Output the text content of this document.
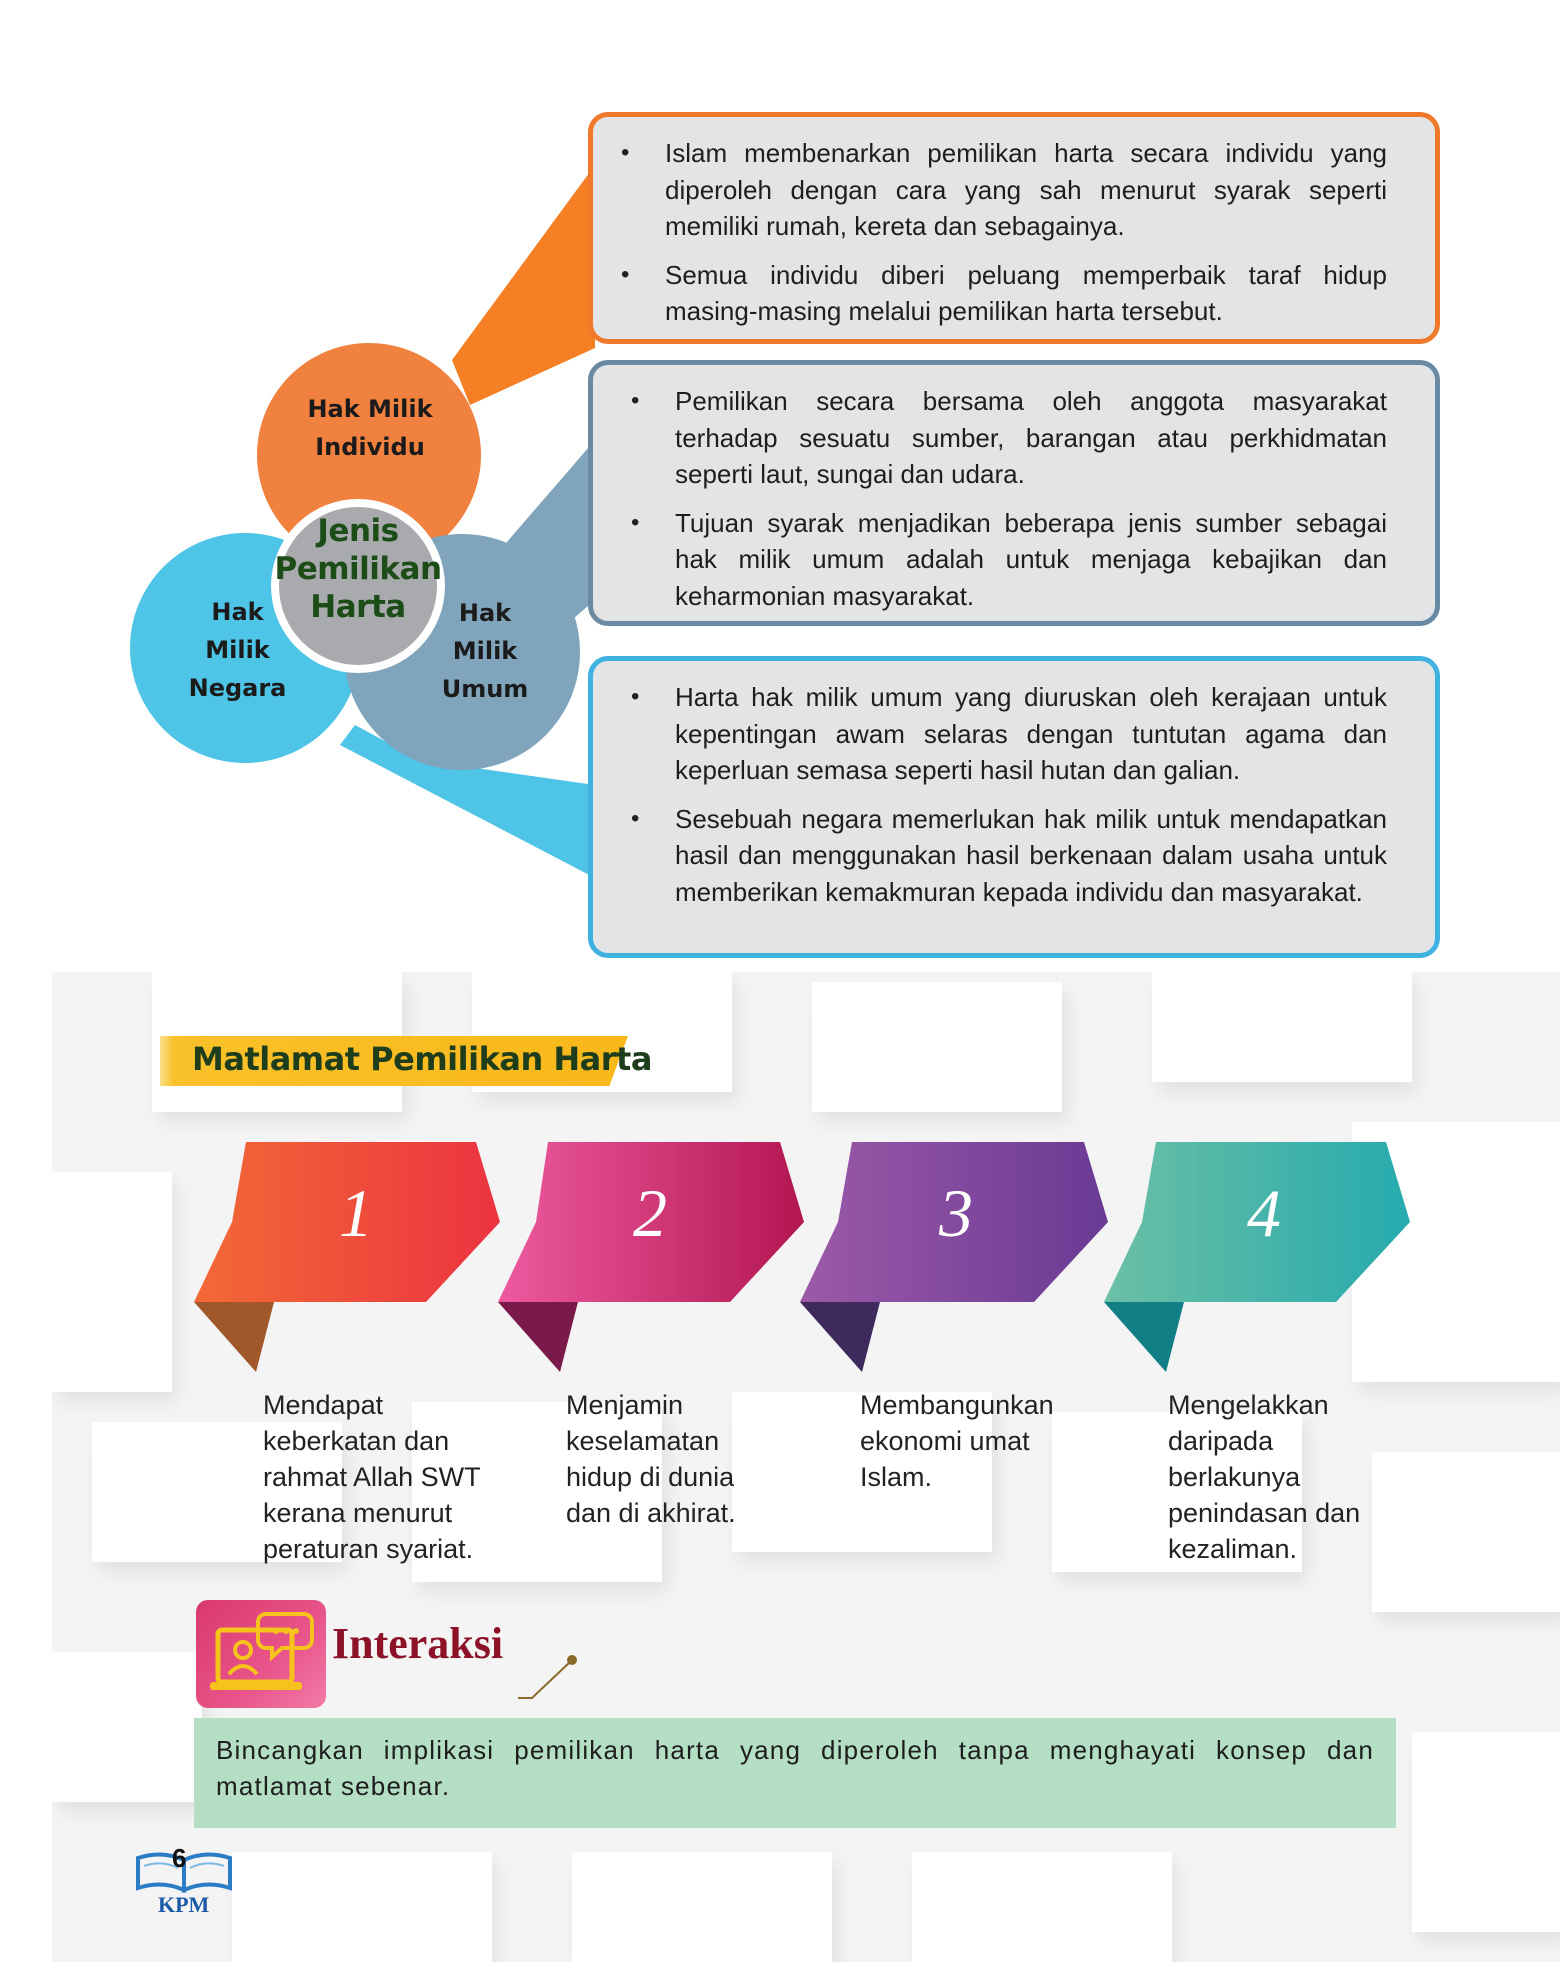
Hak Milik
Individu
Hak
Milik
Negara
Hak
Milik
Umum
Jenis
Pemilikan
Harta
• Islam membenarkan pemilikan harta secara individu yang diperoleh dengan cara yang sah menurut syarak seperti memiliki rumah, kereta dan sebagainya.
• Semua individu diberi peluang memperbaik taraf hidup masing-masing melalui pemilikan harta tersebut.
• Pemilikan secara bersama oleh anggota masyarakat terhadap sesuatu sumber, barangan atau perkhidmatan seperti laut, sungai dan udara.
• Tujuan syarak menjadikan beberapa jenis sumber sebagai hak milik umum adalah untuk menjaga kebajikan dan keharmonian masyarakat.
• Harta hak milik umum yang diuruskan oleh kerajaan untuk kepentingan awam selaras dengan tuntutan agama dan keperluan semasa seperti hasil hutan dan galian.
• Sesebuah negara memerlukan hak milik untuk mendapatkan hasil dan menggunakan hasil berkenaan dalam usaha untuk memberikan kemakmuran kepada individu dan masyarakat.
Matlamat Pemilikan Harta
1	2	3	4
Mendapat
keberkatan dan
rahmat Allah SWT
kerana menurut
peraturan syariat.
Menjamin
keselamatan
hidup di dunia
dan di akhirat.
Membangunkan
ekonomi umat
Islam.
Mengelakkan
daripada
berlakunya
penindasan dan
kezaliman.
Interaksi
Bincangkan implikasi pemilikan harta yang diperoleh tanpa menghayati konsep dan matlamat sebenar.
6
KPM
